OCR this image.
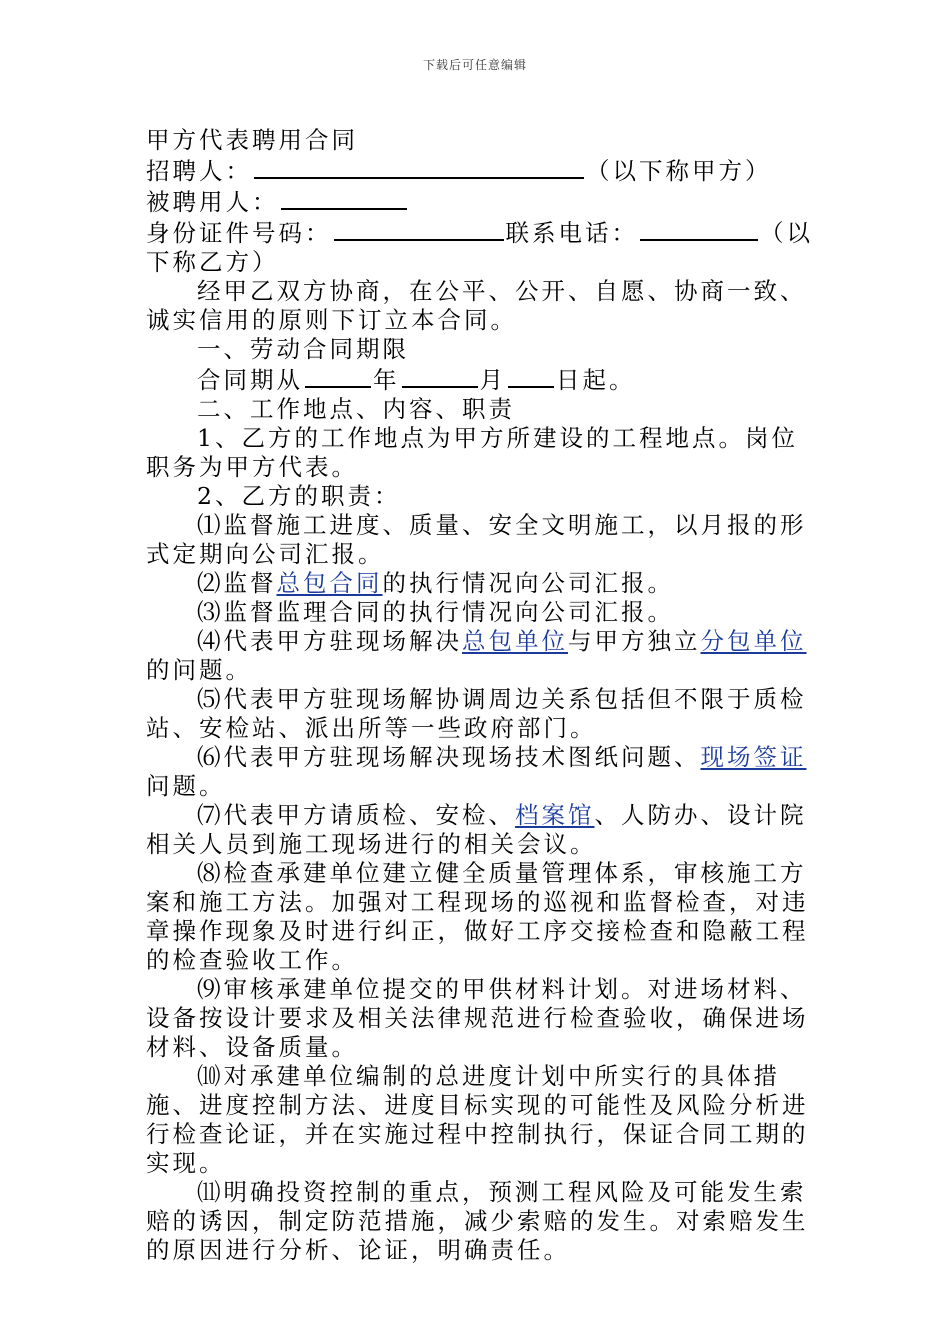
下载后可任意编辑

甲方代表聘用合同

招聘人：	（以下称甲方）

被聘用人：

身份证件号码：	联系电话：	（以下称乙方）

经甲乙双方协商，在公平、公开、自愿、协商一致、诚实信用的原则下订立本合同。

一、劳动合同期限

合同期从	年	月 日起。

二、工作地点、内容、职责

1、乙方的工作地点为甲方所建设的工程地点。岗位职务为甲方代表。

2、乙方的职责：

⑴监督施工进度、质量、安全文明施工，以月报的形式定期向公司汇报。

⑵监督总包合同的执行情况向公司汇报。

⑶监督监理合同的执行情况向公司汇报。

⑷代表甲方驻现场解决总包单位与甲方独立分包单位的问题。

⑸代表甲方驻现场解协调周边关系包括但不限于质检站、安检站、派出所等一些政府部门。

⑹代表甲方驻现场解决现场技术图纸问题、现场签证问题。

⑺代表甲方请质检、安检、档案馆、人防办、设计院相关人员到施工现场进行的相关会议。

⑻检查承建单位建立健全质量管理体系，审核施工方案和施工方法。加强对工程现场的巡视和监督检查，对违章操作现象及时进行纠正，做好工序交接检查和隐蔽工程的检查验收工作。

⑼审核承建单位提交的甲供材料计划。对进场材料、设备按设计要求及相关法律规范进行检查验收，确保进场材料、设备质量。

⑽对承建单位编制的总进度计划中所实行的具体措施、进度控制方法、进度目标实现的可能性及风险分析进行检查论证，并在实施过程中控制执行，保证合同工期的实现。

⑾明确投资控制的重点，预测工程风险及可能发生索赔的诱因，制定防范措施，减少索赔的发生。对索赔发生的原因进行分析、论证，明确责任。
